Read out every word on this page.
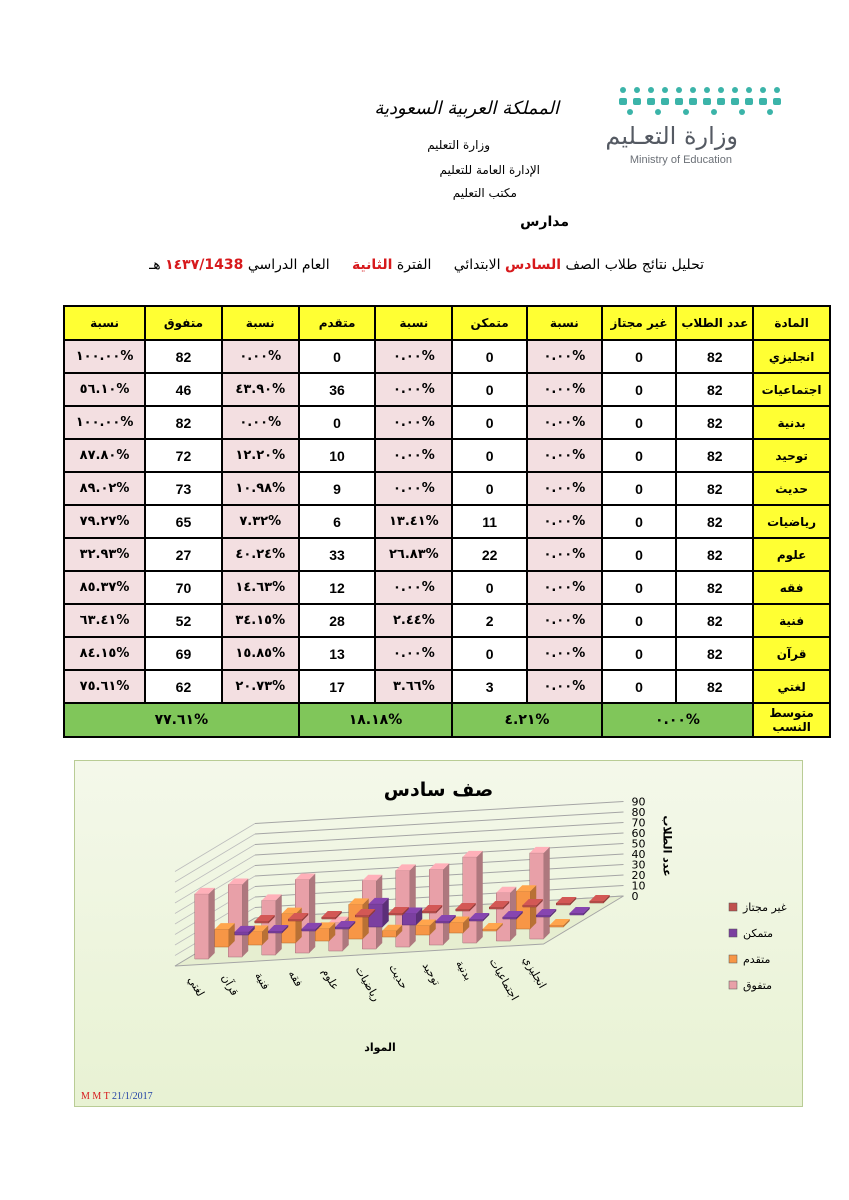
وزارة التعـليم
Ministry of Education
المملكة العربية السعودية
وزارة التعليم
الإدارة العامة للتعليم
مكتب التعليم
مدارس
تحليل نتائج طلاب الصف السادس الابتدائي     الفترة الثانية     العام الدراسي ١٤٣٧/1438 هـ
المادة	عدد الطلاب	غير مجتاز	نسبة	متمكن	نسبة	متقدم	نسبة	متفوق	نسبة
انجليزي	82	0	%٠.٠٠	0	%٠.٠٠	0	%٠.٠٠	82	%١٠٠.٠٠
اجتماعيات	82	0	%٠.٠٠	0	%٠.٠٠	36	%٤٣.٩٠	46	%٥٦.١٠
بدنية	82	0	%٠.٠٠	0	%٠.٠٠	0	%٠.٠٠	82	%١٠٠.٠٠
توحيد	82	0	%٠.٠٠	0	%٠.٠٠	10	%١٢.٢٠	72	%٨٧.٨٠
حديث	82	0	%٠.٠٠	0	%٠.٠٠	9	%١٠.٩٨	73	%٨٩.٠٢
رياضيات	82	0	%٠.٠٠	11	%١٣.٤١	6	%٧.٣٢	65	%٧٩.٢٧
علوم	82	0	%٠.٠٠	22	%٢٦.٨٣	33	%٤٠.٢٤	27	%٣٢.٩٣
فقه	82	0	%٠.٠٠	0	%٠.٠٠	12	%١٤.٦٣	70	%٨٥.٣٧
فنية	82	0	%٠.٠٠	2	%٢.٤٤	28	%٣٤.١٥	52	%٦٣.٤١
قرآن	82	0	%٠.٠٠	0	%٠.٠٠	13	%١٥.٨٥	69	%٨٤.١٥
لغتي	82	0	%٠.٠٠	3	%٣.٦٦	17	%٢٠.٧٣	62	%٧٥.٦١
متوسط النسب	%٠.٠٠		%٤.٢١		%١٨.١٨		%٧٧.٦١		
صف سادس
0
10
20
30
40
50
60
70
80
90
عدد الطلاب
لغتي قرآن فنية فقه علوم رياضيات حديث توحيد بدنية اجتماعيات
انجليزي
المواد
غير مجتاز
متمكن
متقدم
متفوق
M M T 21/1/2017
